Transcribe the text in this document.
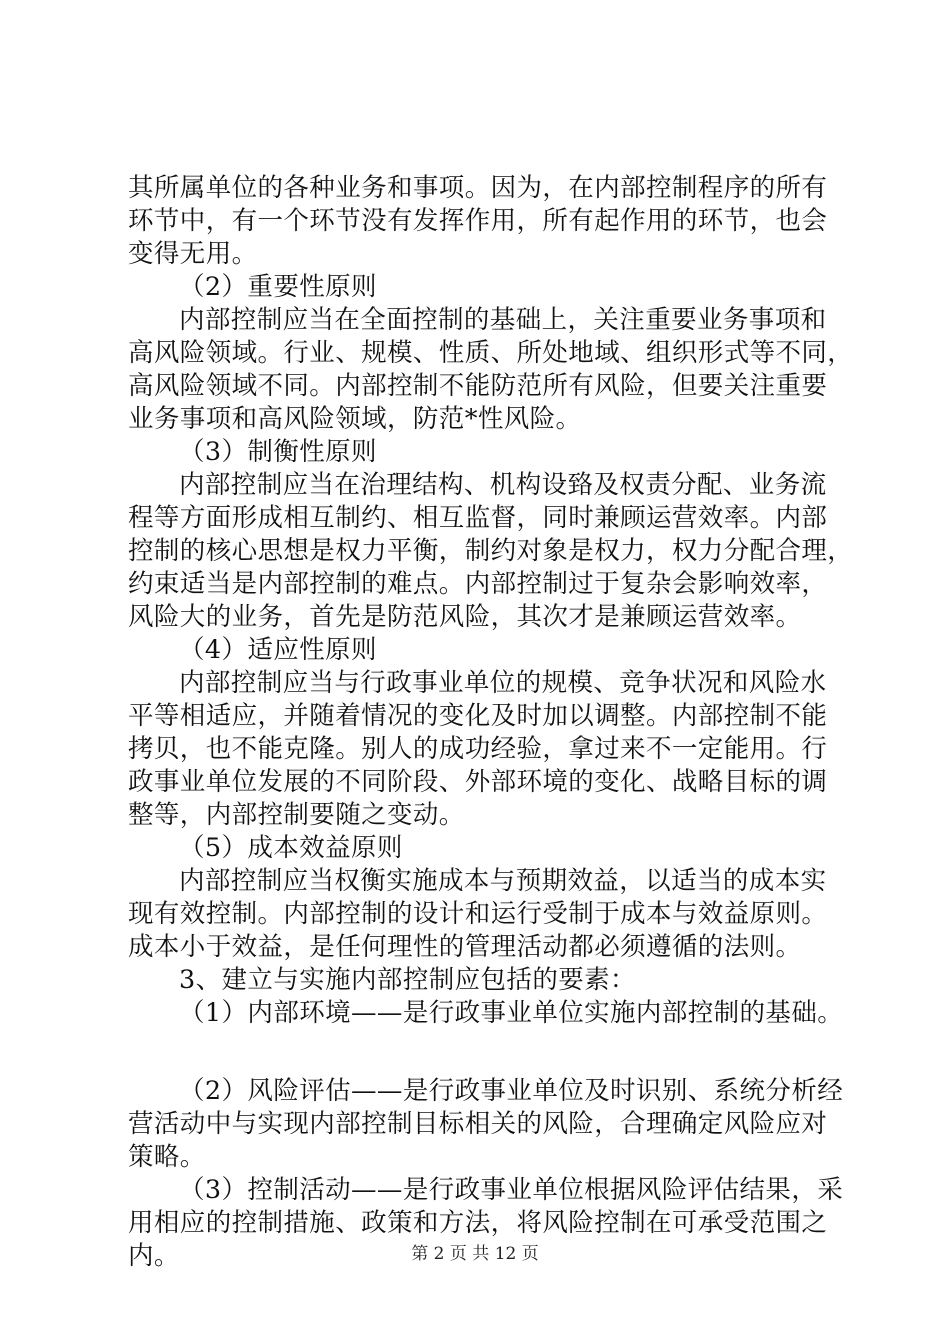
其所属单位的各种业务和事项。因为，在内部控制程序的所有
环节中，有一个环节没有发挥作用，所有起作用的环节，也会
变得无用。
（2）重要性原则
内部控制应当在全面控制的基础上，关注重要业务事项和
高风险领域。行业、规模、性质、所处地域、组织形式等不同，
高风险领域不同。内部控制不能防范所有风险，但要关注重要
业务事项和高风险领域，防范*性风险。
（3）制衡性原则
内部控制应当在治理结构、机构设臵及权责分配、业务流
程等方面形成相互制约、相互监督，同时兼顾运营效率。内部
控制的核心思想是权力平衡，制约对象是权力，权力分配合理，
约束适当是内部控制的难点。内部控制过于复杂会影响效率，
风险大的业务，首先是防范风险，其次才是兼顾运营效率。
（4）适应性原则
内部控制应当与行政事业单位的规模、竞争状况和风险水
平等相适应，并随着情况的变化及时加以调整。内部控制不能
拷贝，也不能克隆。别人的成功经验，拿过来不一定能用。行
政事业单位发展的不同阶段、外部环境的变化、战略目标的调
整等，内部控制要随之变动。
（5）成本效益原则
内部控制应当权衡实施成本与预期效益，以适当的成本实
现有效控制。内部控制的设计和运行受制于成本与效益原则。
成本小于效益，是任何理性的管理活动都必须遵循的法则。
3、建立与实施内部控制应包括的要素：
（1）内部环境——是行政事业单位实施内部控制的基础。
（2）风险评估——是行政事业单位及时识别、系统分析经
营活动中与实现内部控制目标相关的风险，合理确定风险应对
策略。
（3）控制活动——是行政事业单位根据风险评估结果，采
用相应的控制措施、政策和方法，将风险控制在可承受范围之
内。	第 2 页 共 12 页
